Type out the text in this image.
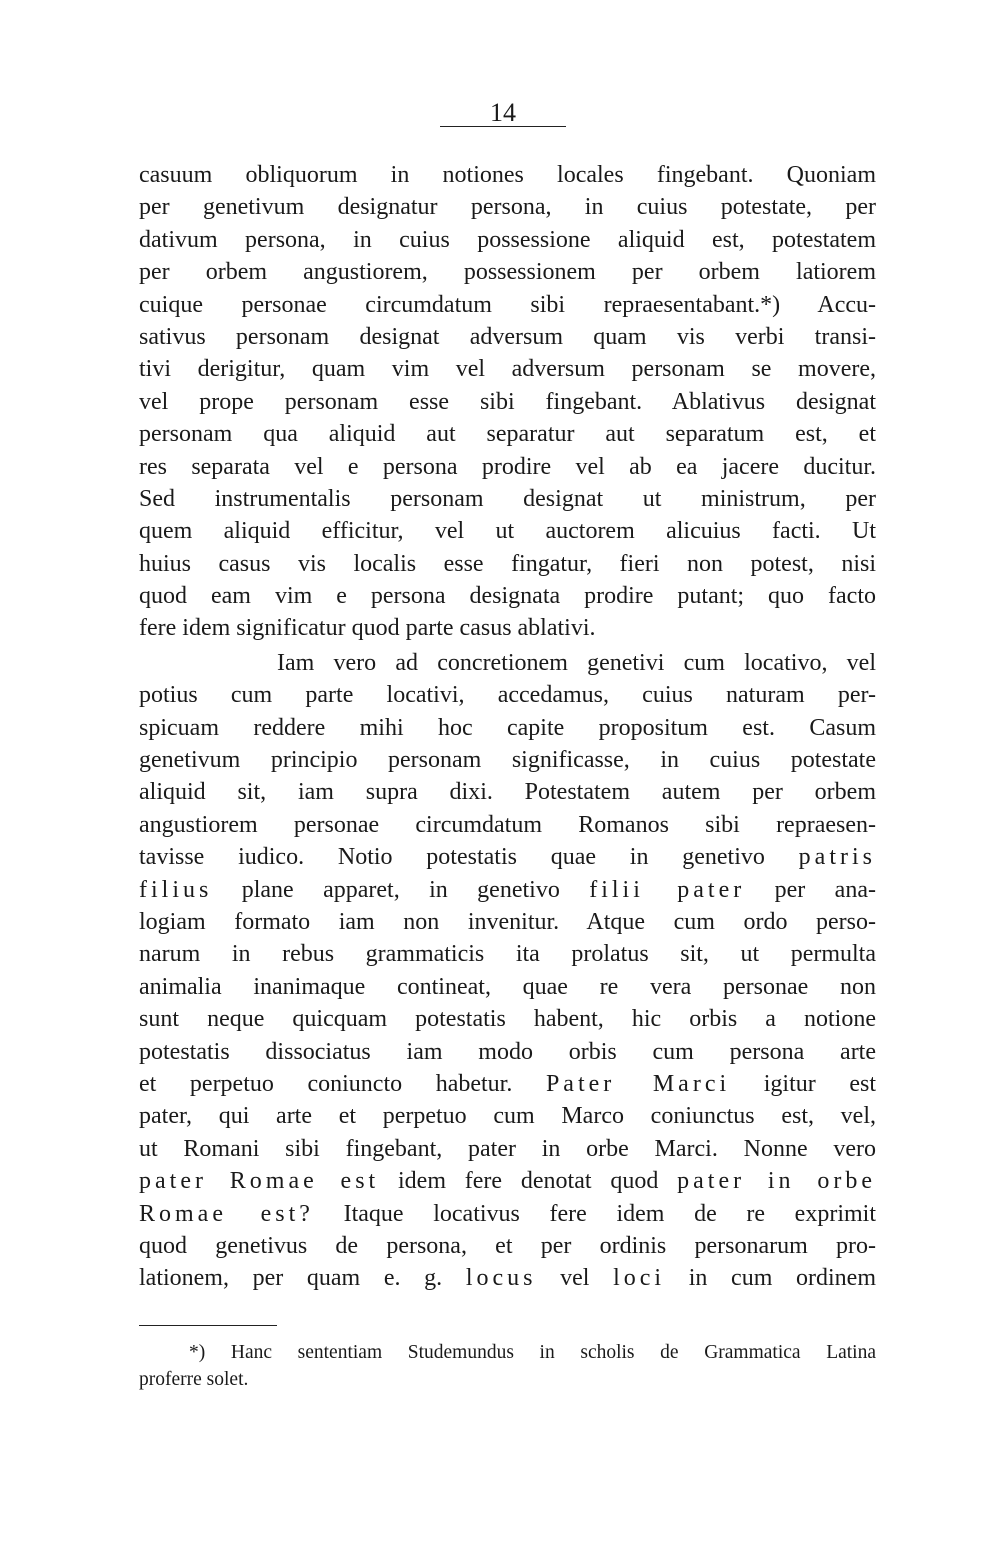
14
casuum obliquorum in notiones locales fingebant. Quoniam
per genetivum designatur persona, in cuius potestate, per
dativum persona, in cuius possessione aliquid est, potestatem
per orbem angustiorem, possessionem per orbem latiorem
cuique personae circumdatum sibi repraesentabant.*) Accu-
sativus personam designat adversum quam vis verbi transi-
tivi derigitur, quam vim vel adversum personam se movere,
vel prope personam esse sibi fingebant. Ablativus designat
personam qua aliquid aut separatur aut separatum est, et
res separata vel e persona prodire vel ab ea jacere ducitur.
Sed instrumentalis personam designat ut ministrum, per
quem aliquid efficitur, vel ut auctorem alicuius facti. Ut
huius casus vis localis esse fingatur, fieri non potest, nisi
quod eam vim e persona designata prodire putant; quo facto
fere idem significatur quod parte casus ablativi.
Iam vero ad concretionem genetivi cum locativo, vel
potius cum parte locativi, accedamus, cuius naturam per-
spicuam reddere mihi hoc capite propositum est. Casum
genetivum principio personam significasse, in cuius potestate
aliquid sit, iam supra dixi. Potestatem autem per orbem
angustiorem personae circumdatum Romanos sibi repraesen-
tavisse iudico. Notio potestatis quae in genetivo patris
filius plane apparet, in genetivo filii pater per ana-
logiam formato iam non invenitur. Atque cum ordo perso-
narum in rebus grammaticis ita prolatus sit, ut permulta
animalia inanimaque contineat, quae re vera personae non
sunt neque quicquam potestatis habent, hic orbis a notione
potestatis dissociatus iam modo orbis cum persona arte
et perpetuo coniuncto habetur. Pater Marci igitur est
pater, qui arte et perpetuo cum Marco coniunctus est, vel,
ut Romani sibi fingebant, pater in orbe Marci. Nonne vero
pater Romae est idem fere denotat quod pater in orbe
Romae est? Itaque locativus fere idem de re exprimit
quod genetivus de persona, et per ordinis personarum pro-
lationem, per quam e. g. locus vel loci in cum ordinem
*) Hanc sententiam Studemundus in scholis de Grammatica Latina
proferre solet.
